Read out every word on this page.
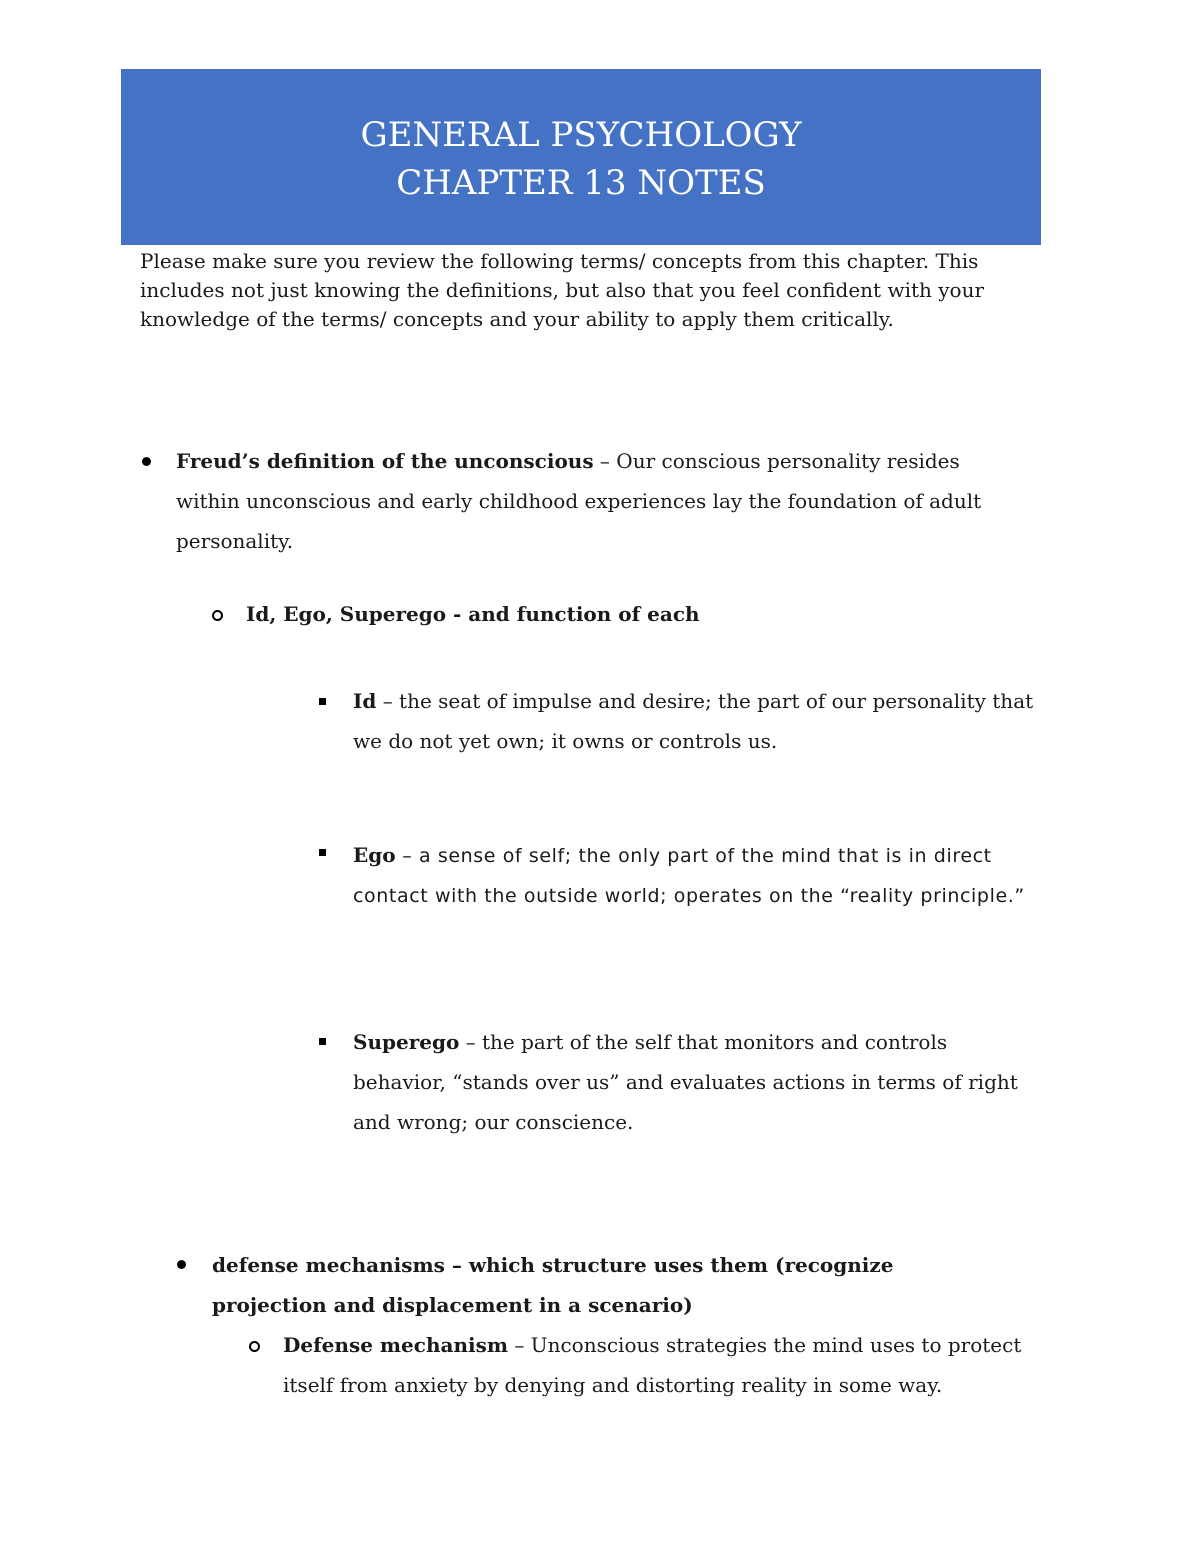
GENERAL PSYCHOLOGY
CHAPTER 13 NOTES
Please make sure you review the following terms/ concepts from this chapter. This includes not just knowing the definitions, but also that you feel confident with your knowledge of the terms/ concepts and your ability to apply them critically.
Freud’s definition of the unconscious – Our conscious personality resides within unconscious and early childhood experiences lay the foundation of adult personality.
Id, Ego, Superego - and function of each
Id – the seat of impulse and desire; the part of our personality that we do not yet own; it owns or controls us.
Ego – a sense of self; the only part of the mind that is in direct contact with the outside world; operates on the “reality principle.”
Superego – the part of the self that monitors and controls behavior, “stands over us” and evaluates actions in terms of right and wrong; our conscience.
defense mechanisms – which structure uses them (recognize projection and displacement in a scenario)
Defense mechanism – Unconscious strategies the mind uses to protect itself from anxiety by denying and distorting reality in some way.
